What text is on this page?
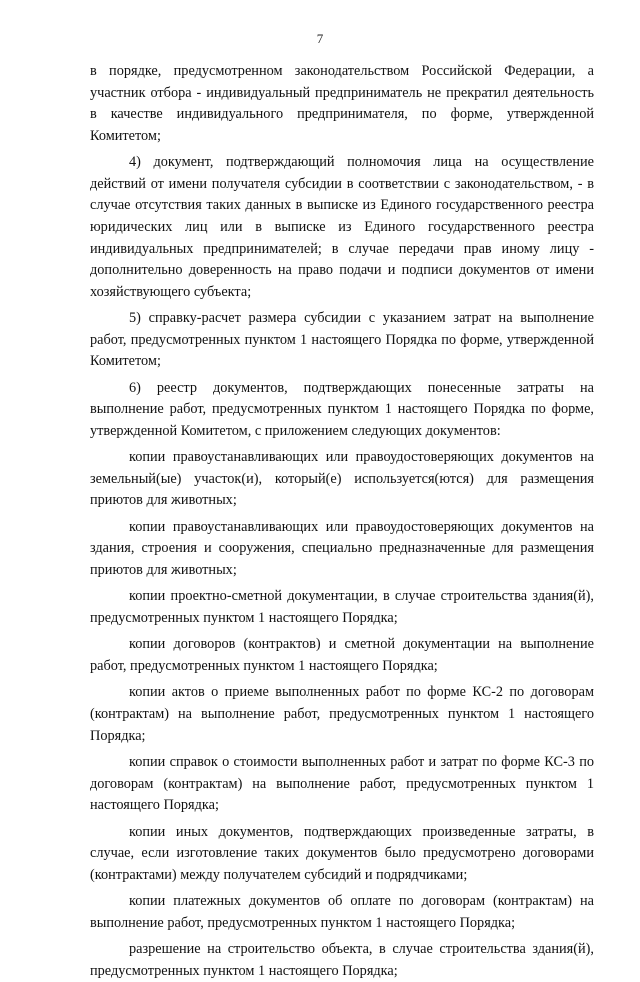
7

в порядке, предусмотренном законодательством Российской Федерации, а участник отбора - индивидуальный предприниматель не прекратил деятельность в качестве индивидуального предпринимателя, по форме, утвержденной Комитетом;

4) документ, подтверждающий полномочия лица на осуществление действий от имени получателя субсидии в соответствии с законодательством, - в случае отсутствия таких данных в выписке из Единого государственного реестра юридических лиц или в выписке из Единого государственного реестра индивидуальных предпринимателей; в случае передачи прав иному лицу - дополнительно доверенность на право подачи и подписи документов от имени хозяйствующего субъекта;

5) справку-расчет размера субсидии с указанием затрат на выполнение работ, предусмотренных пунктом 1 настоящего Порядка по форме, утвержденной Комитетом;

6) реестр документов, подтверждающих понесенные затраты на выполнение работ, предусмотренных пунктом 1 настоящего Порядка по форме, утвержденной Комитетом, с приложением следующих документов:

копии правоустанавливающих или правоудостоверяющих документов на земельный(ые) участок(и), который(е) используется(ются) для размещения приютов для животных;

копии правоустанавливающих или правоудостоверяющих документов на здания, строения и сооружения, специально предназначенные для размещения приютов для животных;

копии проектно-сметной документации, в случае строительства здания(й), предусмотренных пунктом 1 настоящего Порядка;

копии договоров (контрактов) и сметной документации на выполнение работ, предусмотренных пунктом 1 настоящего Порядка;

копии актов о приеме выполненных работ по форме КС-2 по договорам (контрактам) на выполнение работ, предусмотренных пунктом 1 настоящего Порядка;

копии справок о стоимости выполненных работ и затрат по форме КС-3 по договорам (контрактам) на выполнение работ, предусмотренных пунктом 1 настоящего Порядка;

копии иных документов, подтверждающих произведенные затраты, в случае, если изготовление таких документов было предусмотрено договорами (контрактами) между получателем субсидий и подрядчиками;

копии платежных документов об оплате по договорам (контрактам) на выполнение работ, предусмотренных пунктом 1 настоящего Порядка;

разрешение на строительство объекта, в случае строительства здания(й), предусмотренных пунктом 1 настоящего Порядка;
